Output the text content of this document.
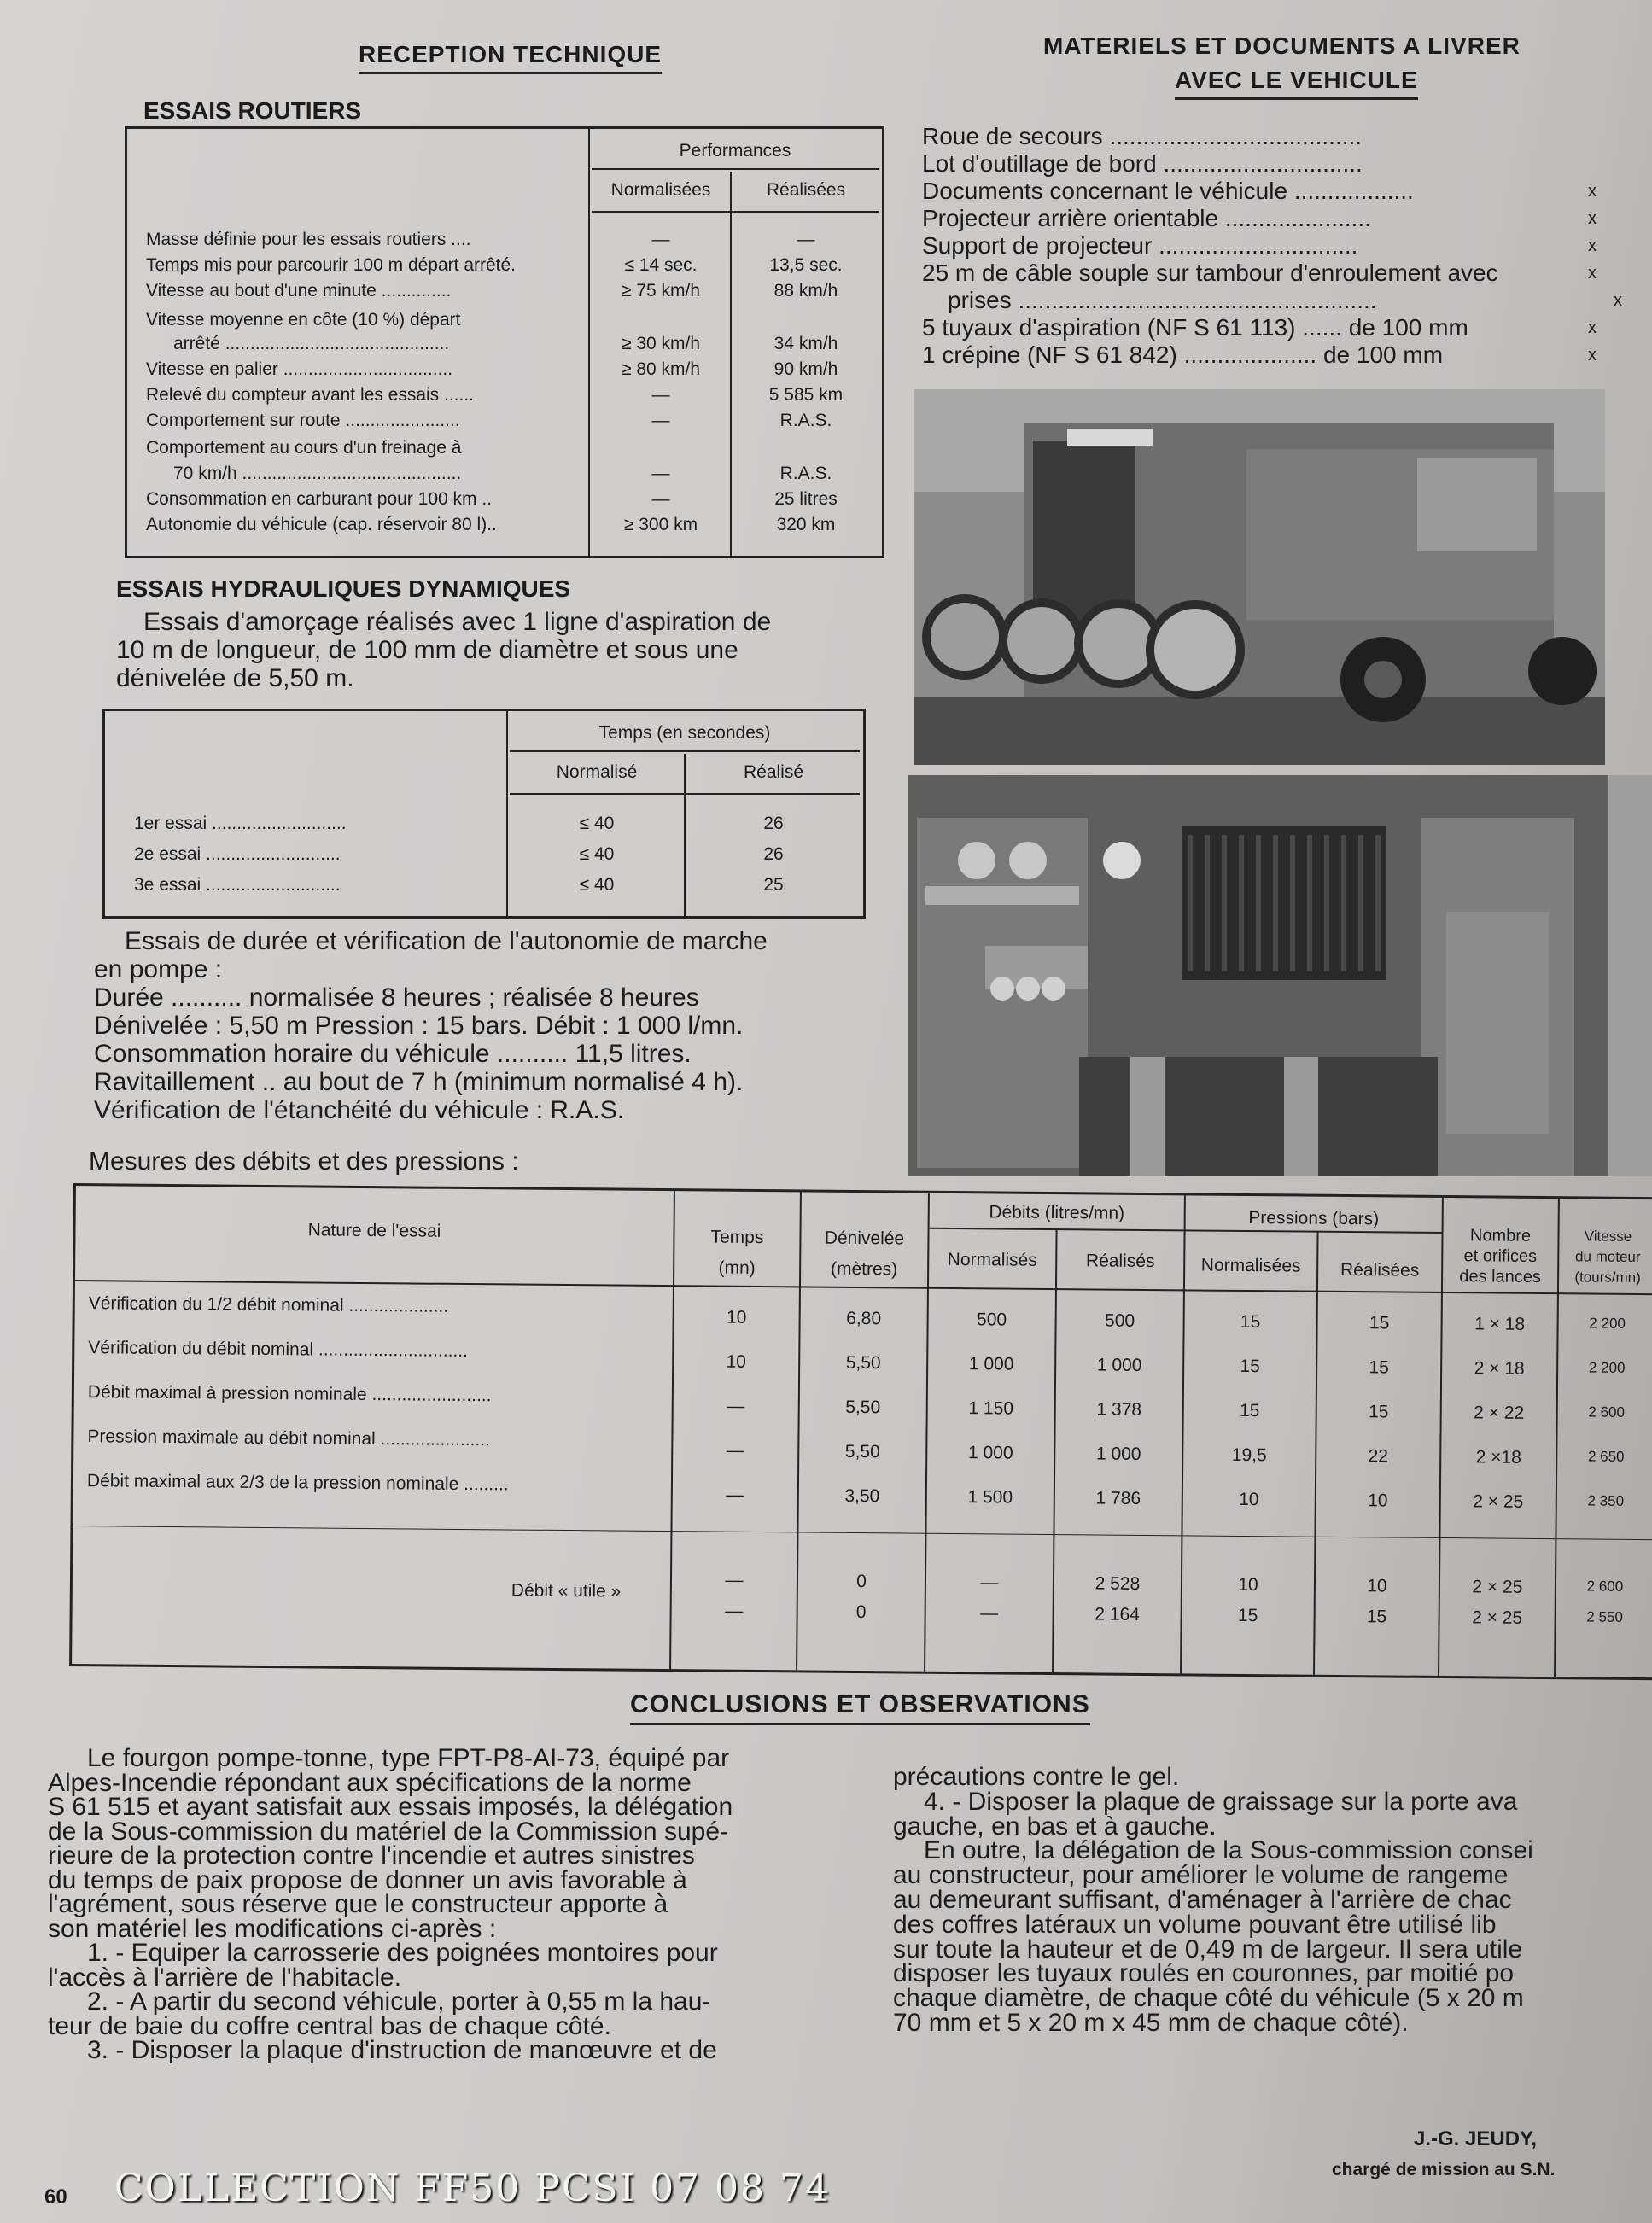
RECEPTION TECHNIQUE
ESSAIS ROUTIERS
Performances
Normalisées	Réalisées
Masse définie pour les essais routiers ....	—	—
Temps mis pour parcourir 100 m départ arrêté.	≤ 14 sec.	13,5 sec.
Vitesse au bout d'une minute ..............	≥ 75 km/h	88 km/h
Vitesse moyenne en côte (10 %) départ
arrêté .............................................	≥ 30 km/h	34 km/h
Vitesse en palier ..................................	≥ 80 km/h	90 km/h
Relevé du compteur avant les essais ......	—	5 585 km
Comportement sur route .......................	—	R.A.S.
Comportement au cours d'un freinage à
70 km/h ............................................	—	R.A.S.
Consommation en carburant pour 100 km ..	—	25 litres
Autonomie du véhicule (cap. réservoir 80 l)..	≥ 300 km	320 km
ESSAIS HYDRAULIQUES DYNAMIQUES
Essais d'amorçage réalisés avec 1 ligne d'aspiration de
10 m de longueur, de 100 mm de diamètre et sous une
dénivelée de 5,50 m.
Temps (en secondes)
Normalisé	Réalisé
1er essai ...........................	≤ 40	26
2e essai ...........................	≤ 40	26
3e essai ...........................	≤ 40	25
Essais de durée et vérification de l'autonomie de marche
en pompe :
Durée .......... normalisée 8 heures ; réalisée 8 heures
Dénivelée : 5,50 m Pression : 15 bars. Débit : 1 000 l/mn.
Consommation horaire du véhicule .......... 11,5 litres.
Ravitaillement .. au bout de 7 h (minimum normalisé 4 h).
Vérification de l'étanchéité du véhicule : R.A.S.
Mesures des débits et des pressions :
MATERIELS ET DOCUMENTS A LIVRER
AVEC LE VEHICULE
Roue de secours ......................................
Lot d'outillage de bord ..............................
Documents concernant le véhicule ..................	x
Projecteur arrière orientable ......................	x
Support de projecteur ..............................	x
25 m de câble souple sur tambour d'enroulement avec	x
prises ......................................................	x
5 tuyaux d'aspiration (NF S 61 113) ...... de 100 mm	x
1 crépine (NF S 61 842) .................... de 100 mm	x
Nature de l'essai	Temps
(mn)
Dénivelée
(mètres)
Débits (litres/mn)	Pressions (bars)
Normalisés	Réalisés	Normalisées	Réalisées
Nombre
et orifices
des lances
Vitesse
du moteur
(tours/mn)
Vérification du 1/2 débit nominal ....................
10	6,80	500	500	15	15	1 × 18	2 200
Vérification du débit nominal ..............................
10	5,50	1 000	1 000	15	15	2 × 18	2 200
Débit maximal à pression nominale ........................
—	5,50	1 150	1 378	15	15	2 × 22	2 600
Pression maximale au débit nominal ......................
—	5,50	1 000	1 000	19,5	22	2 ×18	2 650
Débit maximal aux 2/3 de la pression nominale .........
—	3,50	1 500	1 786	10	10	2 × 25	2 350
Débit « utile »
—	0	—	2 528	10	10	2 × 25	2 600
—	0	—	2 164	15	15	2 × 25	2 550
CONCLUSIONS ET OBSERVATIONS
Le fourgon pompe-tonne, type FPT-P8-AI-73, équipé par
Alpes-Incendie répondant aux spécifications de la norme
S 61 515 et ayant satisfait aux essais imposés, la délégation
de la Sous-commission du matériel de la Commission supé-
rieure de la protection contre l'incendie et autres sinistres
du temps de paix propose de donner un avis favorable à
l'agrément, sous réserve que le constructeur apporte à
son matériel les modifications ci-après :
1. - Equiper la carrosserie des poignées montoires pour
l'accès à l'arrière de l'habitacle.
2. - A partir du second véhicule, porter à 0,55 m la hau-
teur de baie du coffre central bas de chaque côté.
3. - Disposer la plaque d'instruction de manœuvre et de
précautions contre le gel.
4. - Disposer la plaque de graissage sur la porte ava
gauche, en bas et à gauche.
En outre, la délégation de la Sous-commission consei
au constructeur, pour améliorer le volume de rangeme
au demeurant suffisant, d'aménager à l'arrière de chac
des coffres latéraux un volume pouvant être utilisé lib
sur toute la hauteur et de 0,49 m de largeur. Il sera utile
disposer les tuyaux roulés en couronnes, par moitié po
chaque diamètre, de chaque côté du véhicule (5 x 20 m
70 mm et 5 x 20 m x 45 mm de chaque côté).
J.-G. JEUDY,
chargé de mission au S.N.
60 COLLECTION FF50 PCSI 07 08 74
